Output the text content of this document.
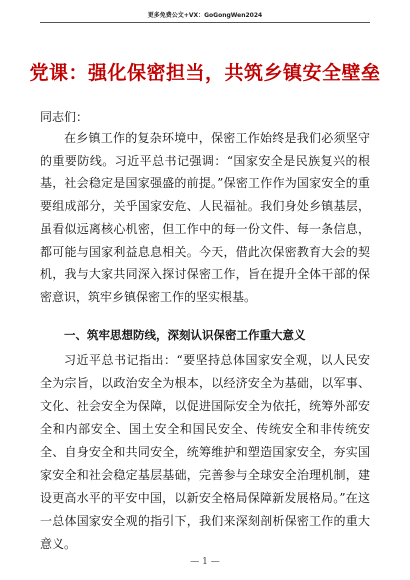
更多免费公文+VX：GoGongWen2024
党课：强化保密担当，共筑乡镇安全壁垒
同志们：
在乡镇工作的复杂环境中，保密工作始终是我们必须坚守的重要防线。习近平总书记强调：“国家安全是民族复兴的根基，社会稳定是国家强盛的前提。”保密工作作为国家安全的重要组成部分，关乎国家安危、人民福祉。我们身处乡镇基层，虽看似远离核心机密，但工作中的每一份文件、每一条信息，都可能与国家利益息息相关。今天，借此次保密教育大会的契机，我与大家共同深入探讨保密工作，旨在提升全体干部的保密意识，筑牢乡镇保密工作的坚实根基。
一、筑牢思想防线，深刻认识保密工作重大意义
习近平总书记指出：“要坚持总体国家安全观，以人民安全为宗旨，以政治安全为根本，以经济安全为基础，以军事、文化、社会安全为保障，以促进国际安全为依托，统筹外部安全和内部安全、国土安全和国民安全、传统安全和非传统安全、自身安全和共同安全，统筹维护和塑造国家安全，夯实国家安全和社会稳定基层基础，完善参与全球安全治理机制，建设更高水平的平安中国，以新安全格局保障新发展格局。”在这一总体国家安全观的指引下，我们来深刻剖析保密工作的重大意义。
— 1 —
